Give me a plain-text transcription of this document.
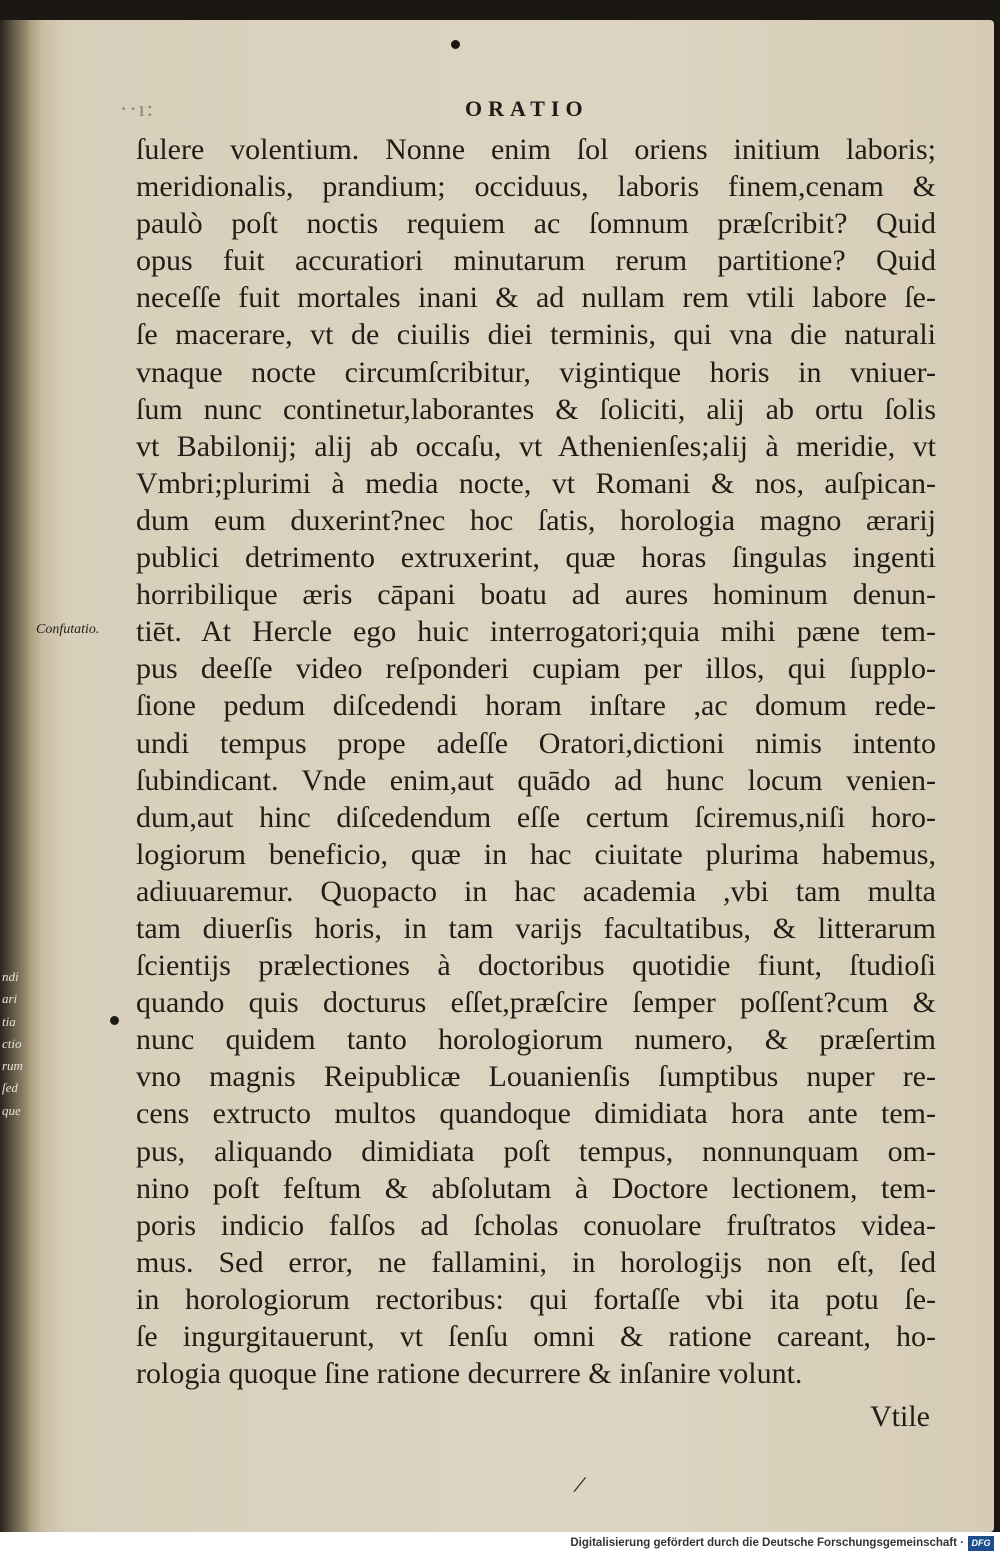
··ı:	ORATIO
Confutatio.
ndi
ari
tia
ctio
rum
ſed
que
ſulere volentium. Nonne enim ſol oriens initium laboris;
meridionalis, prandium; occiduus, laboris finem,cenam &
paulò poſt noctis requiem ac ſomnum præſcribit? Quid
opus fuit accuratiori minutarum rerum partitione? Quid
neceſſe fuit mortales inani & ad nullam rem vtili labore ſe-
ſe macerare, vt de ciuilis diei terminis, qui vna die naturali
vnaque nocte circumſcribitur, vigintique horis in vniuer-
ſum nunc continetur,laborantes & ſoliciti, alij ab ortu ſolis
vt Babilonij; alij ab occaſu, vt Athenienſes;alij à meridie, vt
Vmbri;plurimi à media nocte, vt Romani & nos, auſpican-
dum eum duxerint?nec hoc ſatis, horologia magno ærarij
publici detrimento extruxerint, quæ horas ſingulas ingenti
horribilique æris cāpani boatu ad aures hominum denun-
tiēt. At Hercle ego huic interrogatori;quia mihi pæne tem-
pus deeſſe video reſponderi cupiam per illos, qui ſupplo-
ſione pedum diſcedendi horam inſtare ,ac domum rede-
undi tempus prope adeſſe Oratori,dictioni nimis intento
ſubindicant. Vnde enim,aut quādo ad hunc locum venien-
dum,aut hinc diſcedendum eſſe certum ſciremus,niſi horo-
logiorum beneficio, quæ in hac ciuitate plurima habemus,
adiuuaremur. Quopacto in hac academia ,vbi tam multa
tam diuerſis horis, in tam varijs facultatibus, & litterarum
ſcientijs prælectiones à doctoribus quotidie fiunt, ſtudioſi
quando quis docturus eſſet,præſcire ſemper poſſent?cum &
nunc quidem tanto horologiorum numero, & præſertim
vno magnis Reipublicæ Louanienſis ſumptibus nuper re-
cens extructo multos quandoque dimidiata hora ante tem-
pus, aliquando dimidiata poſt tempus, nonnunquam om-
nino poſt feſtum & abſolutam à Doctore lectionem, tem-
poris indicio falſos ad ſcholas conuolare fruſtratos videa-
mus. Sed error, ne fallamini, in horologijs non eſt, ſed
in horologiorum rectoribus: qui fortaſſe vbi ita potu ſe-
ſe ingurgitauerunt, vt ſenſu omni & ratione careant, ho-
rologia quoque ſine ratione decurrere & inſanire volunt.
Vtile
/
Digitalisierung gefördert durch die Deutsche Forschungsgemeinschaft · DFG
